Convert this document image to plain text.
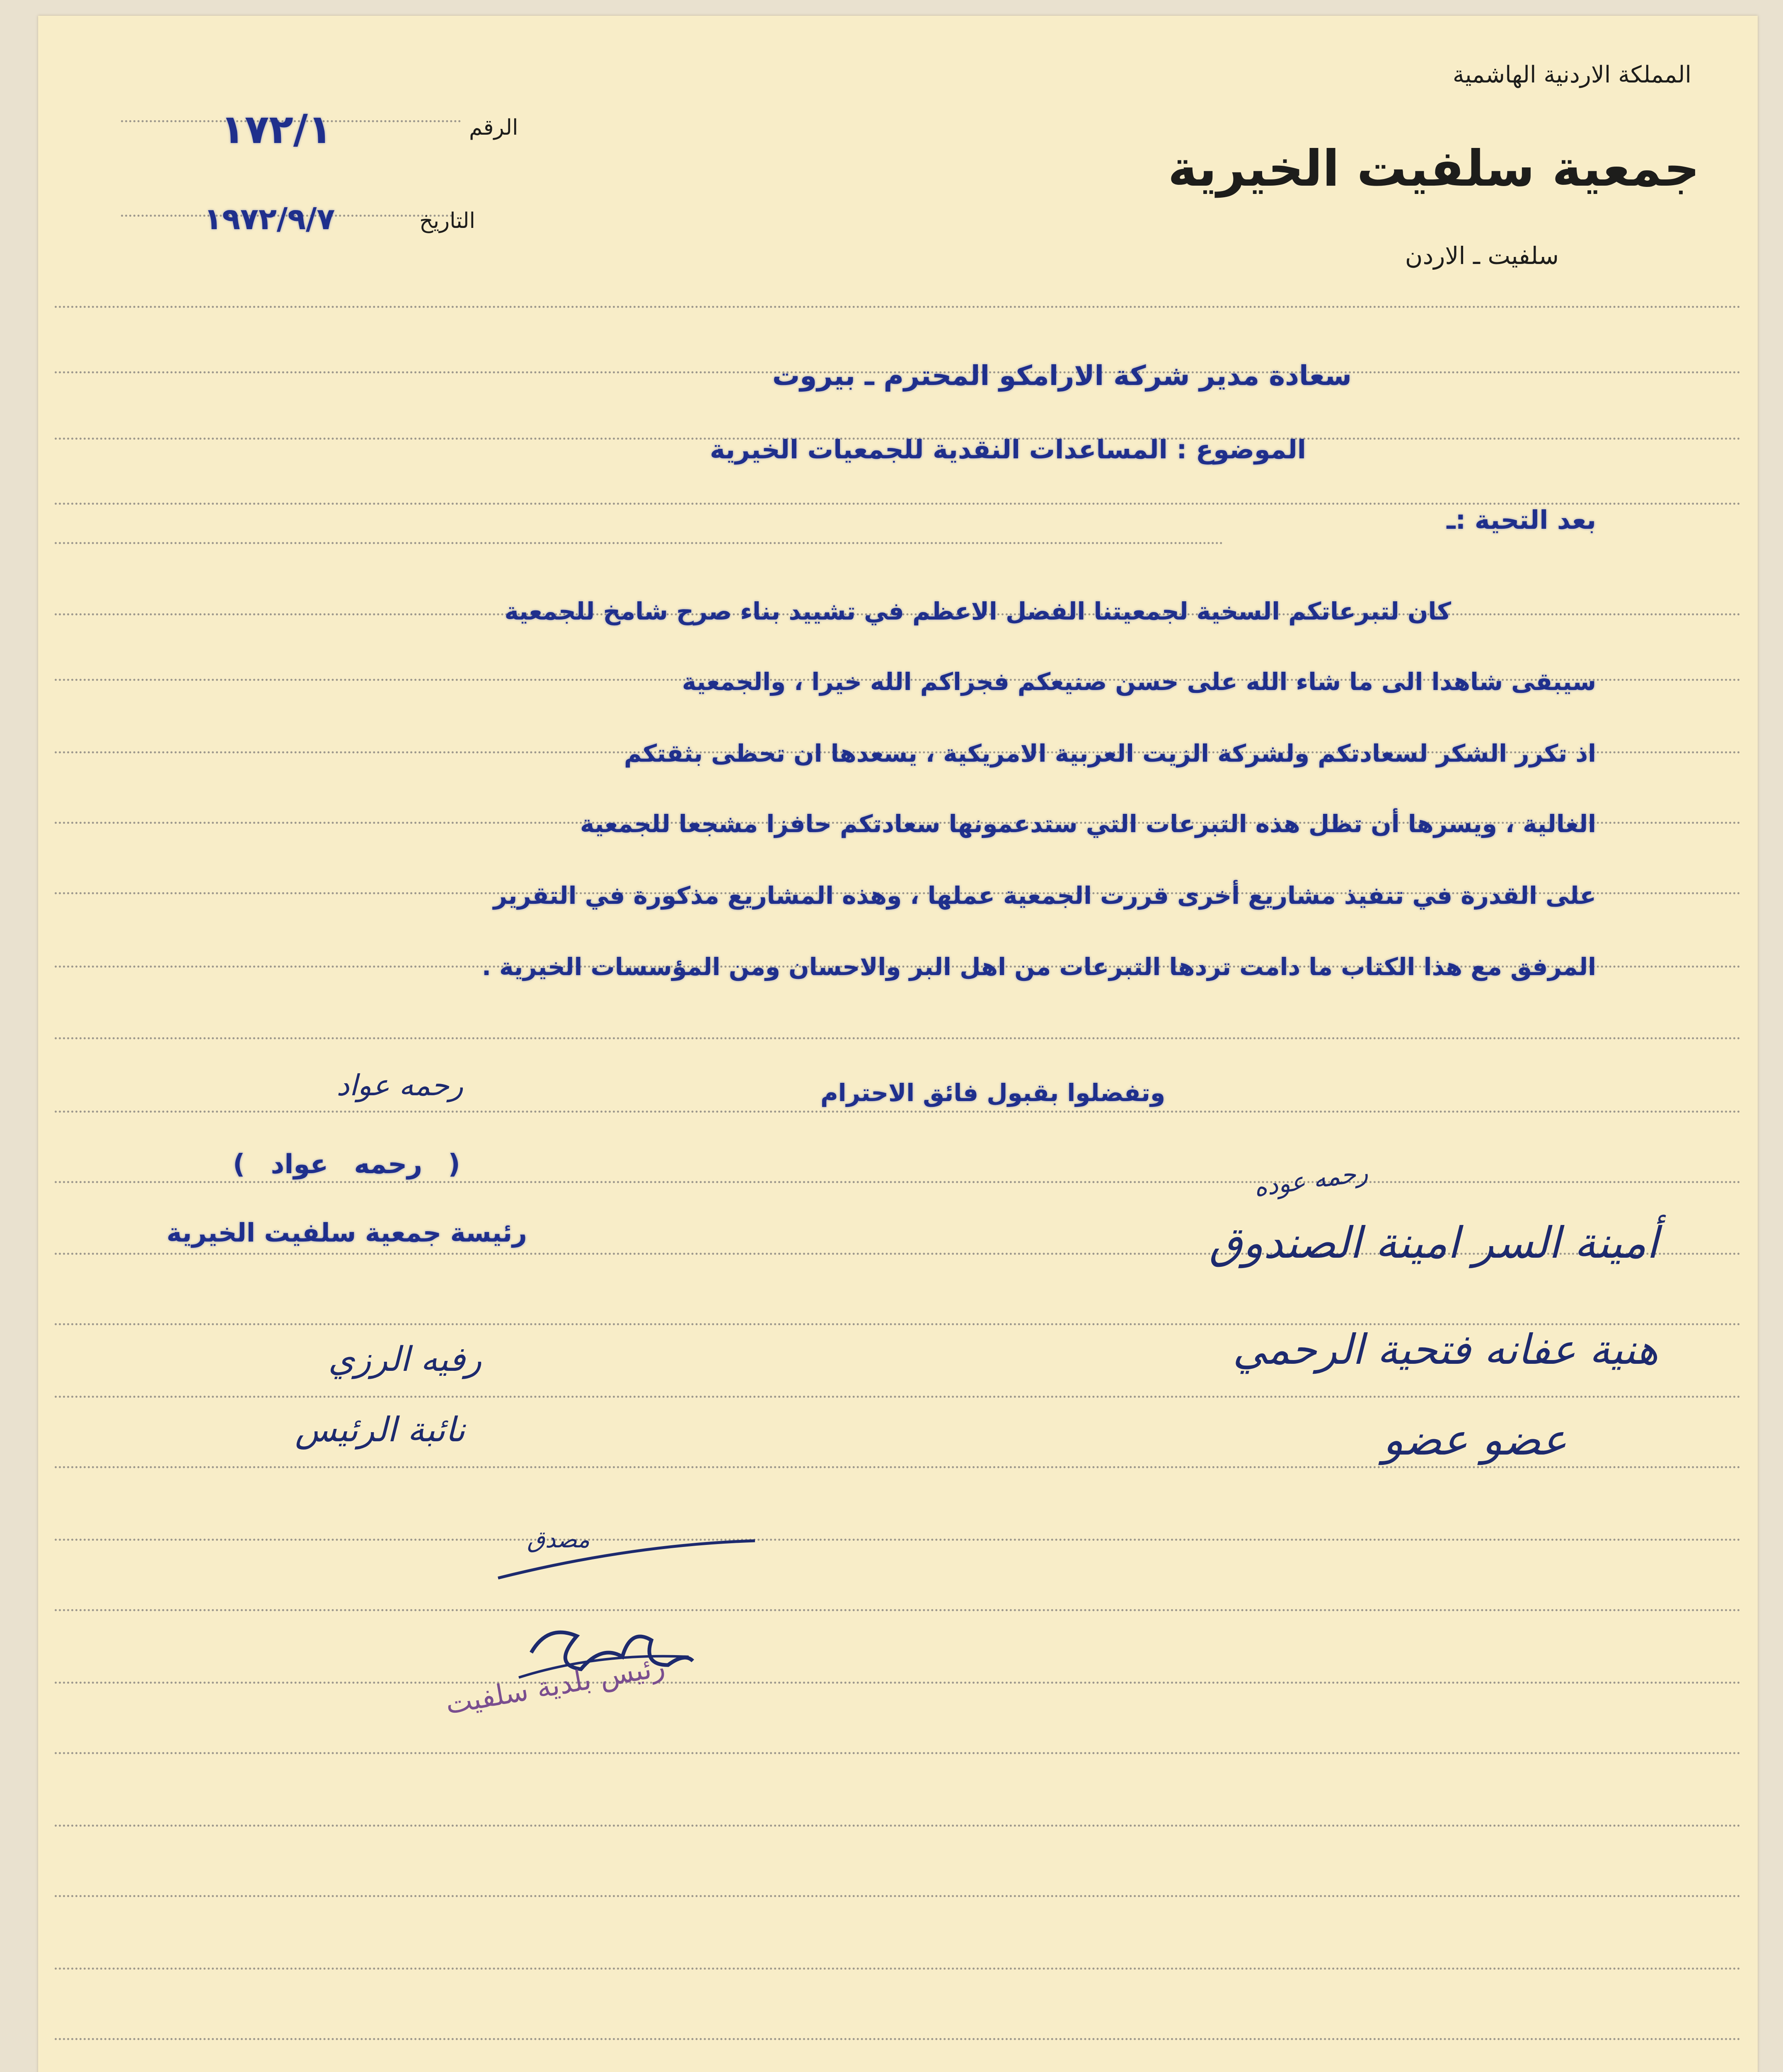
المملكة الاردنية الهاشمية
جمعية سلفيت الخيرية
سلفيت ـ الاردن
الرقم
١٧٢/١
التاريخ
١٩٧٢/٩/٧
سعادة مدير شركة الارامكو المحترم ـ بيروت
الموضوع : المساعدات النقدية للجمعيات الخيرية
بعد التحية :ـ
كان لتبرعاتكم السخية لجمعيتنا الفضل الاعظم في تشييد بناء صرح شامخ للجمعية
سيبقى شاهدا الى ما شاء الله على حسن صنيعكم فجزاكم الله خيرا ، والجمعية
اذ تكرر الشكر لسعادتكم ولشركة الزيت العربية الامريكية ، يسعدها ان تحظى بثقتكم
الغالية ، ويسرها أن تظل هذه التبرعات التي ستدعمونها سعادتكم حافزا مشجعا للجمعية
على القدرة في تنفيذ مشاريع أخرى قررت الجمعية عملها ، وهذه المشاريع مذكورة في التقرير
المرفق مع هذا الكتاب ما دامت تردها التبرعات من اهل البر والاحسان ومن المؤسسات الخيرية .
وتفضلوا بقبول فائق الاحترام
رحمه عواد
( رحمه عواد )
رئيسة جمعية سلفيت الخيرية
رحمه عوده
أمينة السر امينة الصندوق
هنية عفانه فتحية الرحمي
عضو عضو
رفيه الرزي
نائبة الرئيس
مصدق
رئيس بلدية سلفيت
